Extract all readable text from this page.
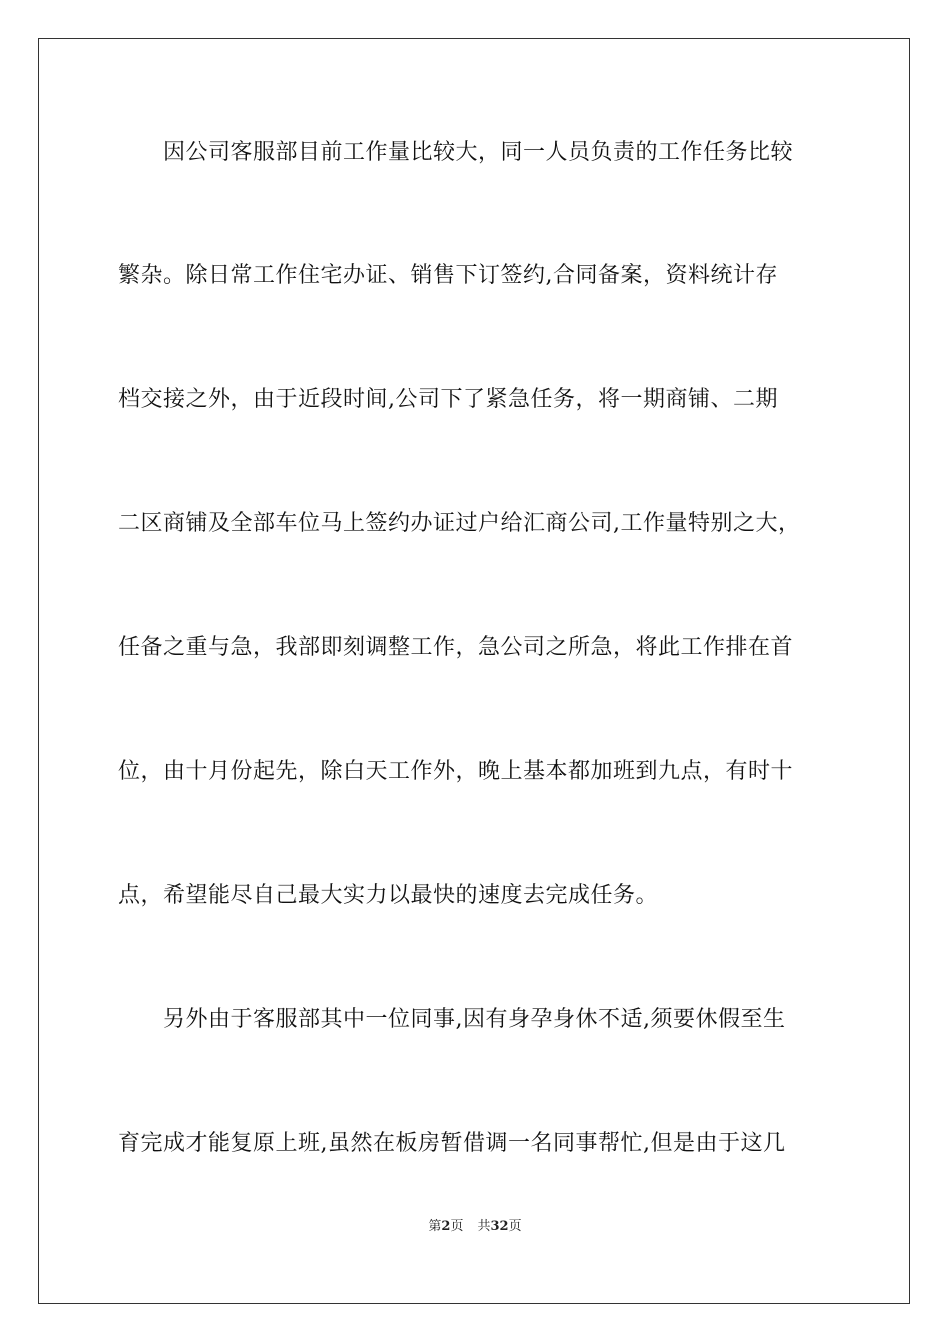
　　因公司客服部目前工作量比较大，同一人员负责的工作任务比较
繁杂。除日常工作住宅办证、销售下订签约,合同备案，资料统计存
档交接之外，由于近段时间,公司下了紧急任务，将一期商铺、二期
二区商铺及全部车位马上签约办证过户给汇商公司,工作量特别之大，
任备之重与急，我部即刻调整工作，急公司之所急，将此工作排在首
位，由十月份起先，除白天工作外，晚上基本都加班到九点，有时十
点，希望能尽自己最大实力以最快的速度去完成任务。
　　另外由于客服部其中一位同事,因有身孕身休不适,须要休假至生
育完成才能复原上班,虽然在板房暂借调一名同事帮忙,但是由于这几
第2页 共32页
